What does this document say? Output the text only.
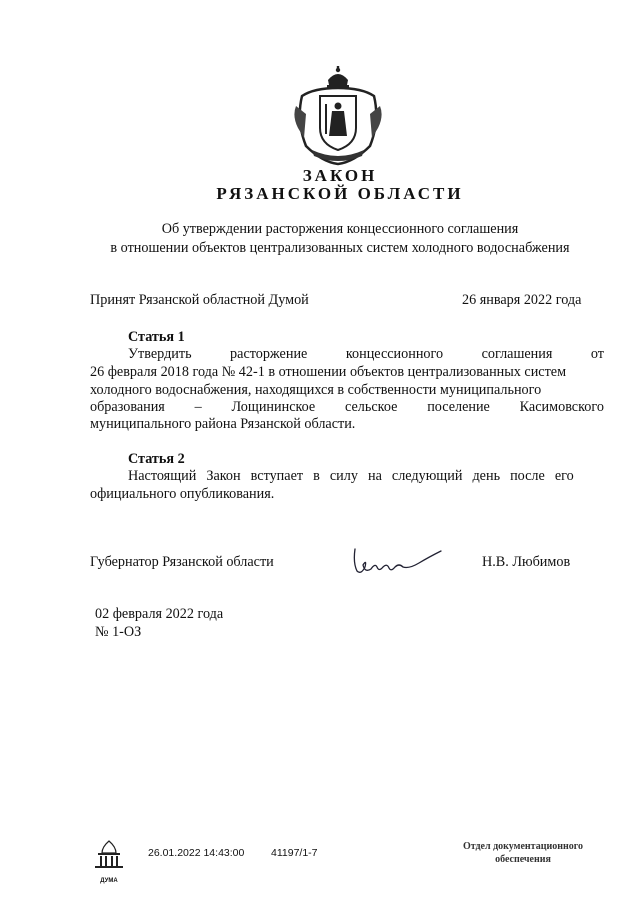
ЗАКОН
РЯЗАНСКОЙ ОБЛАСТИ
Об утверждении расторжения концессионного соглашения
в отношении объектов централизованных систем холодного водоснабжения
Принят Рязанской областной Думой	26 января 2022 года
Статья 1
Утвердить	расторжение	концессионного	соглашения	от
26 февраля 2018 года № 42-1 в отношении объектов централизованных систем
холодного водоснабжения, находящихся в собственности муниципального
образования – Лощининское сельское поселение Касимовского
муниципального района Рязанской области.
Статья 2
Настоящий Закон вступает в силу на следующий день после его
официального опубликования.
Губернатор Рязанской области	Н.В. Любимов
02 февраля 2022 года
№ 1-ОЗ
ДУМА
26.01.2022 14:43:00	41197/1-7
Отдел документационного
обеспечения
